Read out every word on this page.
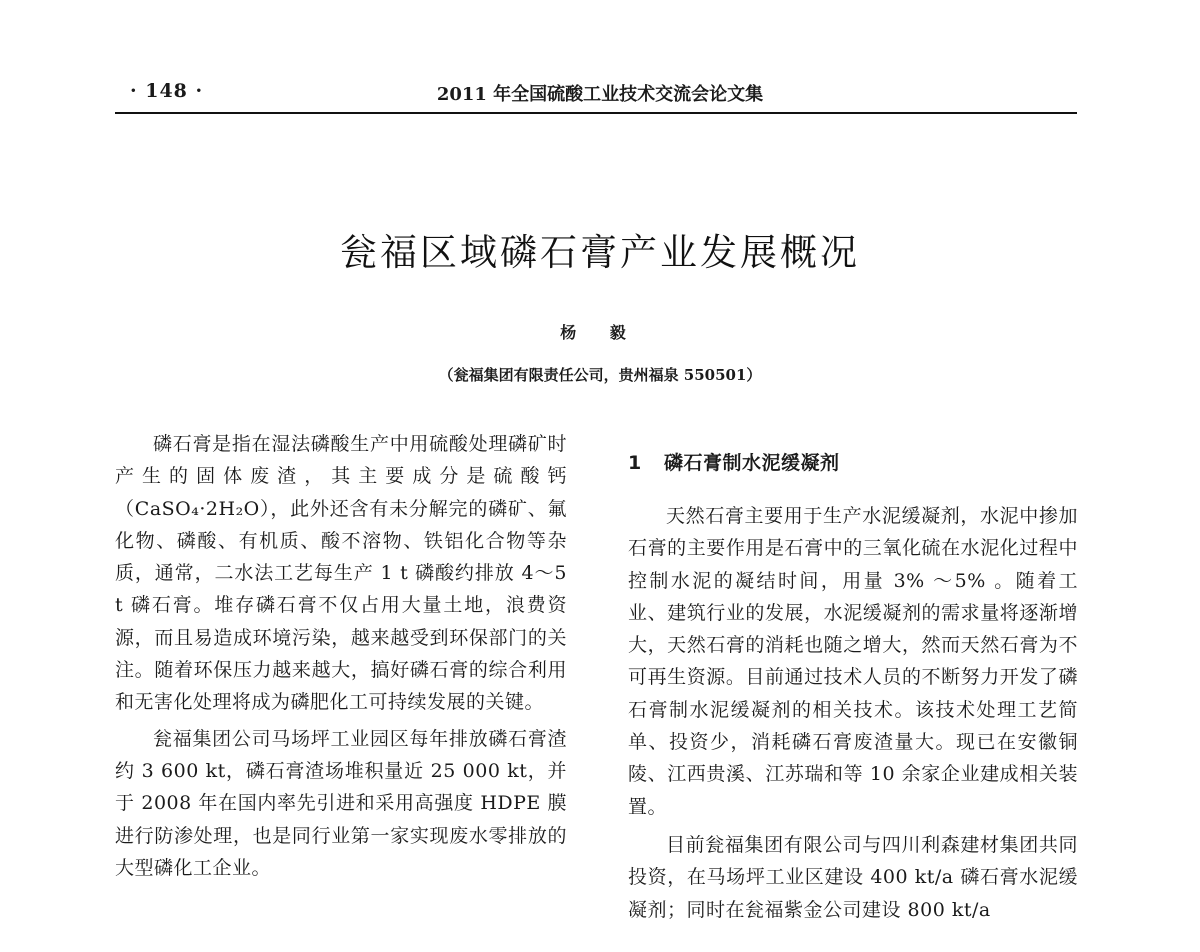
· 148 ·	2011 年全国硫酸工业技术交流会论文集
瓮福区域磷石膏产业发展概况
杨 毅
（瓮福集团有限责任公司，贵州福泉 550501）

磷石膏是指在湿法磷酸生产中用硫酸处理磷矿时产生的固体废渣，其主要成分是硫酸钙（CaSO₄·2H₂O），此外还含有未分解完的磷矿、氟化物、磷酸、有机质、酸不溶物、铁铝化合物等杂质，通常，二水法工艺每生产 1 t 磷酸约排放 4～5 t 磷石膏。堆存磷石膏不仅占用大量土地，浪费资源，而且易造成环境污染，越来越受到环保部门的关注。随着环保压力越来越大，搞好磷石膏的综合利用和无害化处理将成为磷肥化工可持续发展的关键。

瓮福集团公司马场坪工业园区每年排放磷石膏渣约 3 600 kt，磷石膏渣场堆积量近 25 000 kt，并于 2008 年在国内率先引进和采用高强度 HDPE 膜进行防渗处理，也是同行业第一家实现废水零排放的大型磷化工企业。

1 磷石膏制水泥缓凝剂

天然石膏主要用于生产水泥缓凝剂，水泥中掺加石膏的主要作用是石膏中的三氧化硫在水泥化过程中控制水泥的凝结时间，用量 3% ～5% 。随着工业、建筑行业的发展，水泥缓凝剂的需求量将逐渐增大，天然石膏的消耗也随之增大，然而天然石膏为不可再生资源。目前通过技术人员的不断努力开发了磷石膏制水泥缓凝剂的相关技术。该技术处理工艺简单、投资少，消耗磷石膏废渣量大。现已在安徽铜陵、江西贵溪、江苏瑞和等 10 余家企业建成相关装置。

目前瓮福集团有限公司与四川利森建材集团共同投资，在马场坪工业区建设 400 kt/a 磷石膏水泥缓凝剂；同时在瓮福紫金公司建设 800 kt/a
